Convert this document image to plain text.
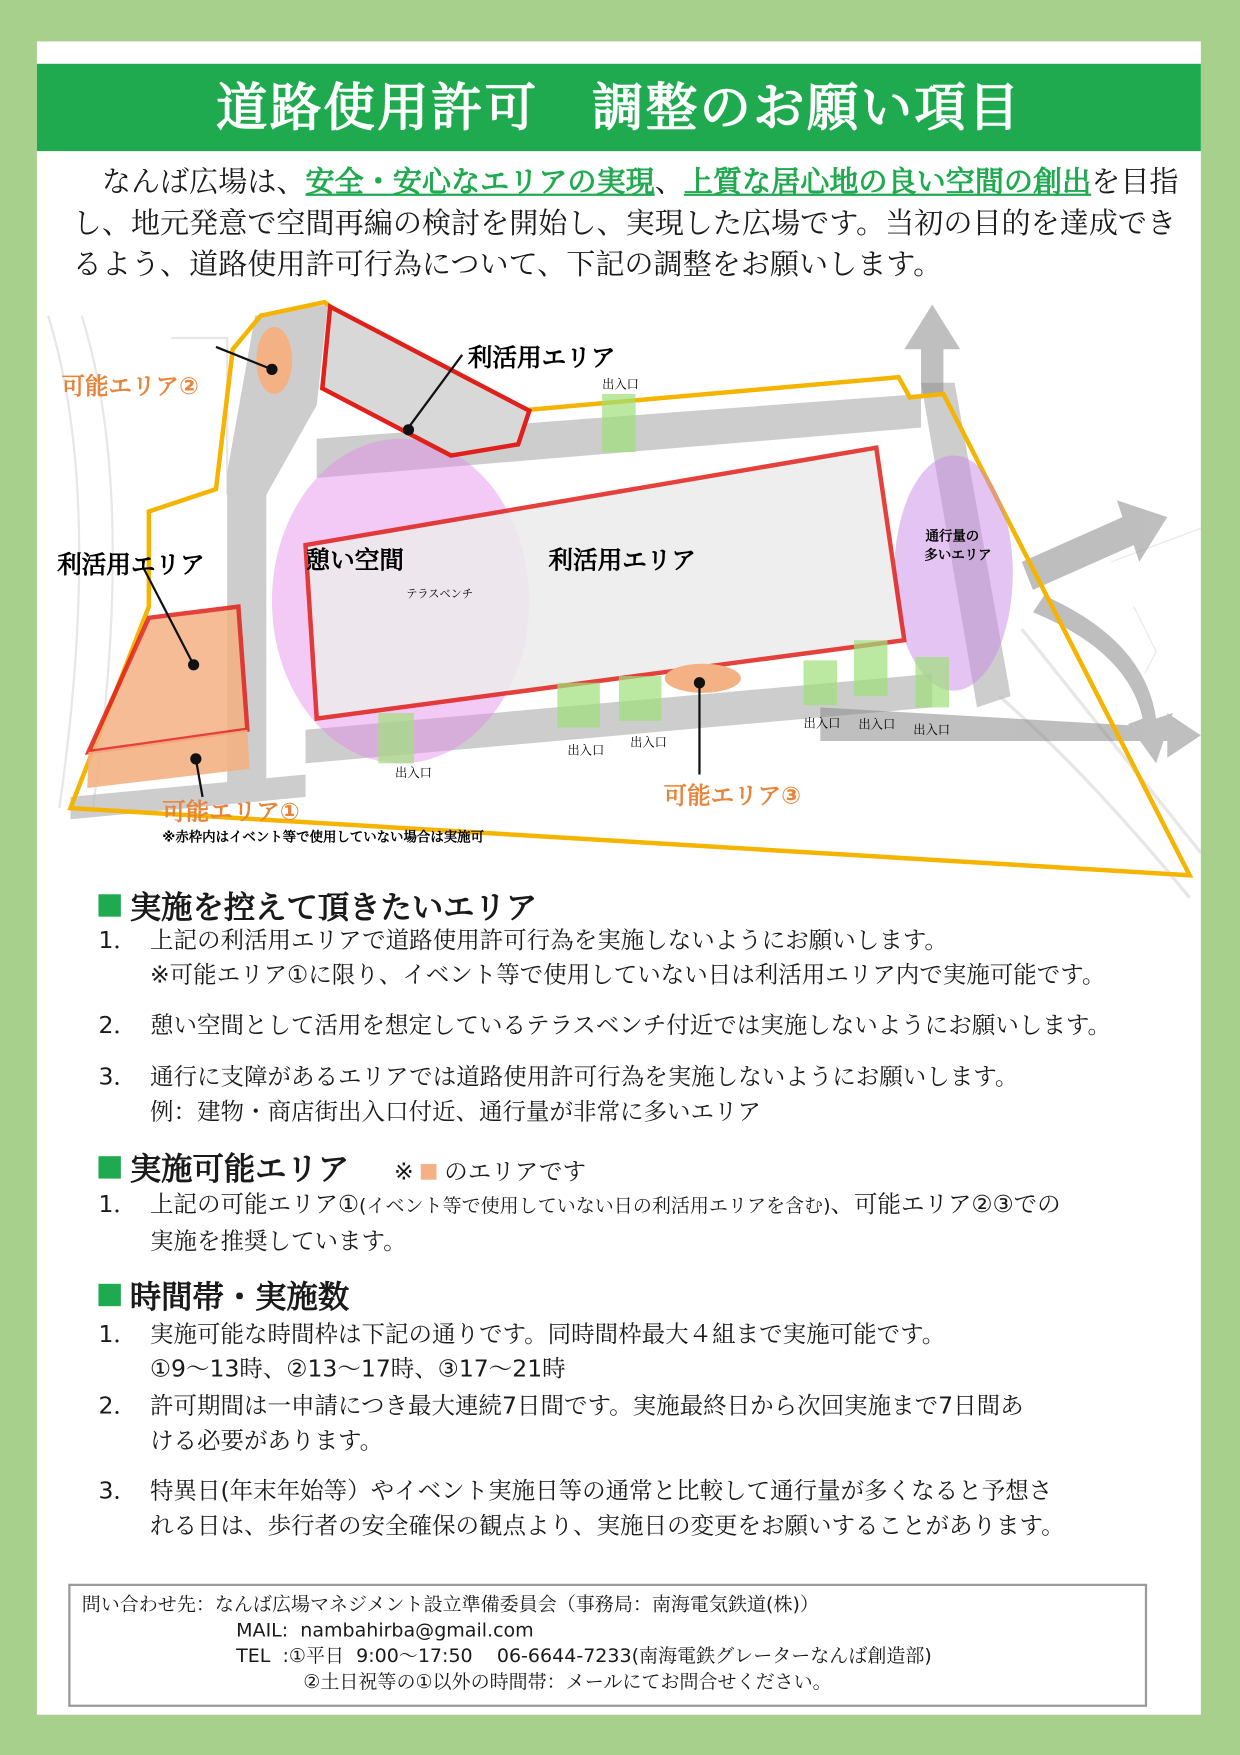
道路使用許可　調整のお願い項目
なんば広場は、安全・安心なエリアの実現、上質な居心地の良い空間の創出を目指し、地元発意で空間再編の検討を開始し、実現した広場です。当初の目的を達成できるよう、道路使用許可行為について、下記の調整をお願いします。
利活用エリア
可能エリア②
利活用エリア	憩い空間
テラスベンチ
利活用エリア
通行量の
多いエリア
出入口
出入口
出入口
出入口
出入口 出入口 出入口
可能エリア①
※赤枠内はイベント等で使用していない場合は実施可
可能エリア③
実施を控えて頂きたいエリア
1． 上記の利活用エリアで道路使用許可行為を実施しないようにお願いします。
※可能エリア①に限り、イベント等で使用していない日は利活用エリア内で実施可能です。
2． 憩い空間として活用を想定しているテラスベンチ付近では実施しないようにお願いします。
3． 通行に支障があるエリアでは道路使用許可行為を実施しないようにお願いします。
例：建物・商店街出入口付近、通行量が非常に多いエリア
実施可能エリア ※ のエリアです
1． 上記の可能エリア①(イベント等で使用していない日の利活用エリアを含む)、可能エリア②③での
実施を推奨しています。
時間帯・実施数
1． 実施可能な時間枠は下記の通りです。同時間枠最大４組まで実施可能です。
①9～13時、②13～17時、③17～21時
2． 許可期間は一申請につき最大連続7日間です。実施最終日から次回実施まで7日間あ
ける必要があります。
3． 特異日(年末年始等）やイベント実施日等の通常と比較して通行量が多くなると予想さ
れる日は、歩行者の安全確保の観点より、実施日の変更をお願いすることがあります。
問い合わせ先：なんば広場マネジメント設立準備委員会（事務局：南海電気鉄道(株)）
MAIL:  nambahirba@gmail.com
TEL  :①平日  9:00～17:50    06‑6644‑7233(南海電鉄グレーターなんば創造部)
②土日祝等の①以外の時間帯：メールにてお問合せください。
